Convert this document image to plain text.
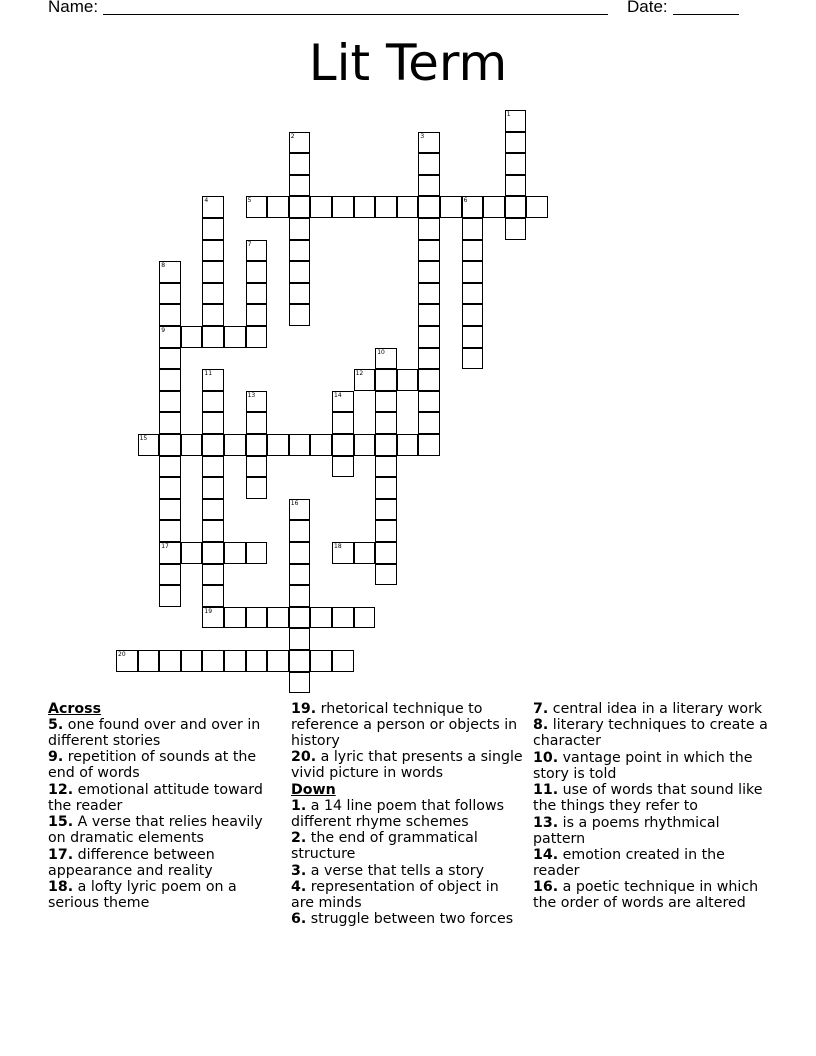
Name:	Date:
Lit Term
1
2	3
4	5	6
7
8
9
17
10
11	12
13	14
15
16
18
19
20
Across
5. one found over and over in different stories
9. repetition of sounds at the end of words
12. emotional attitude toward the reader
15. A verse that relies heavily on dramatic elements
17. difference between appearance and reality
18. a lofty lyric poem on a serious theme
19. rhetorical technique to reference a person or objects in history
20. a lyric that presents a single vivid picture in words
Down
1. a 14 line poem that follows different rhyme schemes
2. the end of grammatical structure
3. a verse that tells a story
4. representation of object in are minds
6. struggle between two forces
7. central idea in a literary work
8. literary techniques to create a character
10. vantage point in which the story is told
11. use of words that sound like the things they refer to
13. is a poems rhythmical pattern
14. emotion created in the reader
16. a poetic technique in which the order of words are altered
